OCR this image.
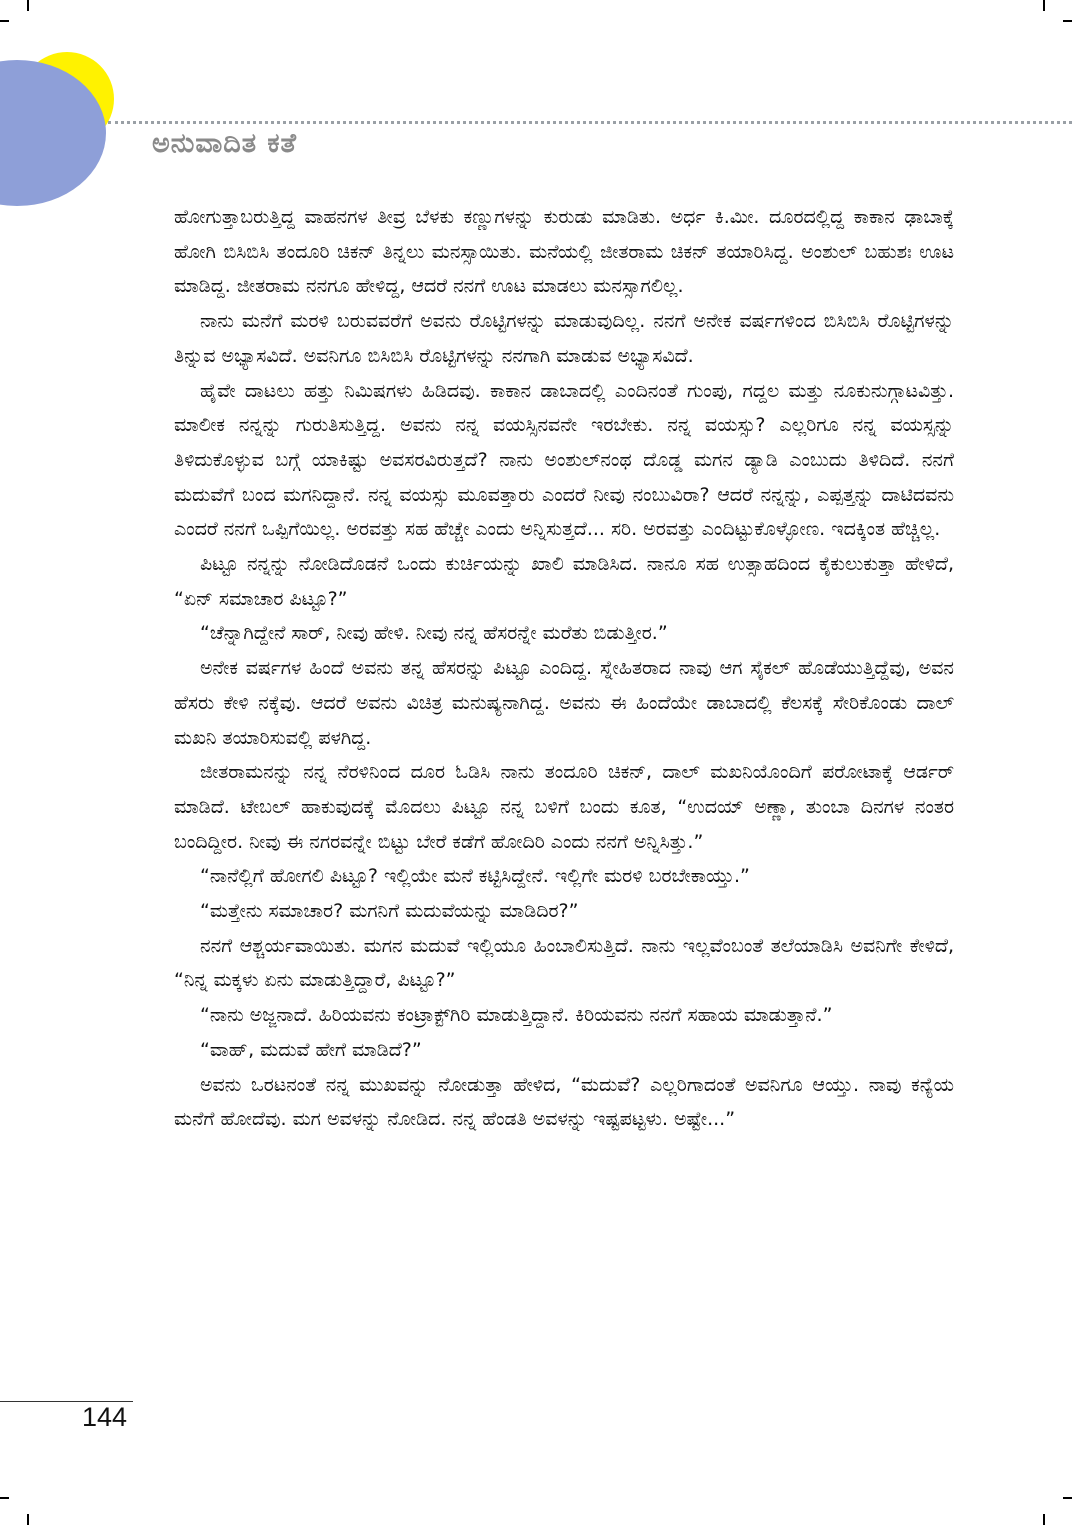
ಅನುವಾದಿತ ಕತೆ

ಹೋಗುತ್ತಾಬರುತ್ತಿದ್ದ ವಾಹನಗಳ ತೀವ್ರ ಬೆಳಕು ಕಣ್ಣುಗಳನ್ನು ಕುರುಡು ಮಾಡಿತು. ಅರ್ಧ ಕಿ.ಮೀ. ದೂರದಲ್ಲಿದ್ದ ಕಾಕಾನ ಢಾಬಾಕ್ಕೆ ಹೋಗಿ ಬಿಸಿಬಿಸಿ ತಂದೂರಿ ಚಿಕನ್ ತಿನ್ನಲು ಮನಸ್ಸಾಯಿತು. ಮನೆಯಲ್ಲಿ ಜೀತರಾಮ ಚಿಕನ್ ತಯಾರಿಸಿದ್ದ. ಅಂಶುಲ್ ಬಹುಶಃ ಊಟ ಮಾಡಿದ್ದ. ಜೀತರಾಮ ನನಗೂ ಹೇಳಿದ್ದ, ಆದರೆ ನನಗೆ ಊಟ ಮಾಡಲು ಮನಸ್ಸಾಗಲಿಲ್ಲ.

ನಾನು ಮನೆಗೆ ಮರಳಿ ಬರುವವರೆಗೆ ಅವನು ರೊಟ್ಟಿಗಳನ್ನು ಮಾಡುವುದಿಲ್ಲ. ನನಗೆ ಅನೇಕ ವರ್ಷಗಳಿಂದ ಬಿಸಿಬಿಸಿ ರೊಟ್ಟಿಗಳನ್ನು ತಿನ್ನುವ ಅಭ್ಯಾಸವಿದೆ. ಅವನಿಗೂ ಬಿಸಿಬಿಸಿ ರೊಟ್ಟಿಗಳನ್ನು ನನಗಾಗಿ ಮಾಡುವ ಅಭ್ಯಾಸವಿದೆ.

ಹೈವೇ ದಾಟಲು ಹತ್ತು ನಿಮಿಷಗಳು ಹಿಡಿದವು. ಕಾಕಾನ ಡಾಬಾದಲ್ಲಿ ಎಂದಿನಂತೆ ಗುಂಪು, ಗದ್ದಲ ಮತ್ತು ನೂಕುನುಗ್ಗಾಟವಿತ್ತು. ಮಾಲೀಕ ನನ್ನನ್ನು ಗುರುತಿಸುತ್ತಿದ್ದ. ಅವನು ನನ್ನ ವಯಸ್ಸಿನವನೇ ಇರಬೇಕು. ನನ್ನ ವಯಸ್ಸು? ಎಲ್ಲರಿಗೂ ನನ್ನ ವಯಸ್ಸನ್ನು ತಿಳಿದುಕೊಳ್ಳುವ ಬಗ್ಗೆ ಯಾಕಿಷ್ಟು ಅವಸರವಿರುತ್ತದೆ? ನಾನು ಅಂಶುಲ್‌ನಂಥ ದೊಡ್ಡ ಮಗನ ಡ್ಯಾಡಿ ಎಂಬುದು ತಿಳಿದಿದೆ. ನನಗೆ ಮದುವೆಗೆ ಬಂದ ಮಗನಿದ್ದಾನೆ. ನನ್ನ ವಯಸ್ಸು ಮೂವತ್ತಾರು ಎಂದರೆ ನೀವು ನಂಬುವಿರಾ? ಆದರೆ ನನ್ನನ್ನು, ಎಪ್ಪತ್ತನ್ನು ದಾಟಿದವನು ಎಂದರೆ ನನಗೆ ಒಪ್ಪಿಗೆಯಿಲ್ಲ. ಅರವತ್ತು ಸಹ ಹೆಚ್ಚೇ ಎಂದು ಅನ್ನಿಸುತ್ತದೆ... ಸರಿ. ಅರವತ್ತು ಎಂದಿಟ್ಟುಕೊಳ್ಳೋಣ. ಇದಕ್ಕಿಂತ ಹೆಚ್ಚಿಲ್ಲ.

ಪಿಟ್ಟೂ ನನ್ನನ್ನು ನೋಡಿದೊಡನೆ ಒಂದು ಕುರ್ಚಿಯನ್ನು ಖಾಲಿ ಮಾಡಿಸಿದ. ನಾನೂ ಸಹ ಉತ್ಸಾಹದಿಂದ ಕೈಕುಲುಕುತ್ತಾ ಹೇಳಿದೆ, “ಏನ್ ಸಮಾಚಾರ ಪಿಟ್ಟೂ?”

“ಚೆನ್ನಾಗಿದ್ದೇನೆ ಸಾರ್, ನೀವು ಹೇಳಿ. ನೀವು ನನ್ನ ಹೆಸರನ್ನೇ ಮರೆತು ಬಿಡುತ್ತೀರ.”

ಅನೇಕ ವರ್ಷಗಳ ಹಿಂದೆ ಅವನು ತನ್ನ ಹೆಸರನ್ನು ಪಿಟ್ಟೂ ಎಂದಿದ್ದ. ಸ್ನೇಹಿತರಾದ ನಾವು ಆಗ ಸೈಕಲ್ ಹೊಡೆಯುತ್ತಿದ್ದೆವು, ಅವನ ಹೆಸರು ಕೇಳಿ ನಕ್ಕೆವು. ಆದರೆ ಅವನು ವಿಚಿತ್ರ ಮನುಷ್ಯನಾಗಿದ್ದ. ಅವನು ಈ ಹಿಂದೆಯೇ ಡಾಬಾದಲ್ಲಿ ಕೆಲಸಕ್ಕೆ ಸೇರಿಕೊಂಡು ದಾಲ್ ಮಖನಿ ತಯಾರಿಸುವಲ್ಲಿ ಪಳಗಿದ್ದ.

ಜೀತರಾಮನನ್ನು ನನ್ನ ನೆರಳಿನಿಂದ ದೂರ ಓಡಿಸಿ ನಾನು ತಂದೂರಿ ಚಿಕನ್, ದಾಲ್ ಮಖನಿಯೊಂದಿಗೆ ಪರೋಟಾಕ್ಕೆ ಆರ್ಡರ್ ಮಾಡಿದೆ. ಟೇಬಲ್ ಹಾಕುವುದಕ್ಕೆ ಮೊದಲು ಪಿಟ್ಟೂ ನನ್ನ ಬಳಿಗೆ ಬಂದು ಕೂತ, “ಉದಯ್ ಅಣ್ಣಾ, ತುಂಬಾ ದಿನಗಳ ನಂತರ ಬಂದಿದ್ದೀರ. ನೀವು ಈ ನಗರವನ್ನೇ ಬಿಟ್ಟು ಬೇರೆ ಕಡೆಗೆ ಹೋದಿರಿ ಎಂದು ನನಗೆ ಅನ್ನಿಸಿತ್ತು.”

“ನಾನೆಲ್ಲಿಗೆ ಹೋಗಲಿ ಪಿಟ್ಟೂ? ಇಲ್ಲಿಯೇ ಮನೆ ಕಟ್ಟಿಸಿದ್ದೇನೆ. ಇಲ್ಲಿಗೇ ಮರಳಿ ಬರಬೇಕಾಯ್ತು.”

“ಮತ್ತೇನು ಸಮಾಚಾರ? ಮಗನಿಗೆ ಮದುವೆಯನ್ನು ಮಾಡಿದಿರ?”

ನನಗೆ ಆಶ್ಚರ್ಯವಾಯಿತು. ಮಗನ ಮದುವೆ ಇಲ್ಲಿಯೂ ಹಿಂಬಾಲಿಸುತ್ತಿದೆ. ನಾನು ಇಲ್ಲವೆಂಬಂತೆ ತಲೆಯಾಡಿಸಿ ಅವನಿಗೇ ಕೇಳಿದೆ, “ನಿನ್ನ ಮಕ್ಕಳು ಏನು ಮಾಡುತ್ತಿದ್ದಾರೆ, ಪಿಟ್ಟೂ?”

“ನಾನು ಅಜ್ಜನಾದೆ. ಹಿರಿಯವನು ಕಂಟ್ರಾಕ್ಟ್‌ಗಿರಿ ಮಾಡುತ್ತಿದ್ದಾನೆ. ಕಿರಿಯವನು ನನಗೆ ಸಹಾಯ ಮಾಡುತ್ತಾನೆ.”

“ವಾಹ್, ಮದುವೆ ಹೇಗೆ ಮಾಡಿದೆ?”

ಅವನು ಒರಟನಂತೆ ನನ್ನ ಮುಖವನ್ನು ನೋಡುತ್ತಾ ಹೇಳಿದ, “ಮದುವೆ? ಎಲ್ಲರಿಗಾದಂತೆ ಅವನಿಗೂ ಆಯ್ತು. ನಾವು ಕನ್ಯೆಯ ಮನೆಗೆ ಹೋದೆವು. ಮಗ ಅವಳನ್ನು ನೋಡಿದ. ನನ್ನ ಹೆಂಡತಿ ಅವಳನ್ನು ಇಷ್ಟಪಟ್ಟಳು. ಅಷ್ಟೇ...”

144
